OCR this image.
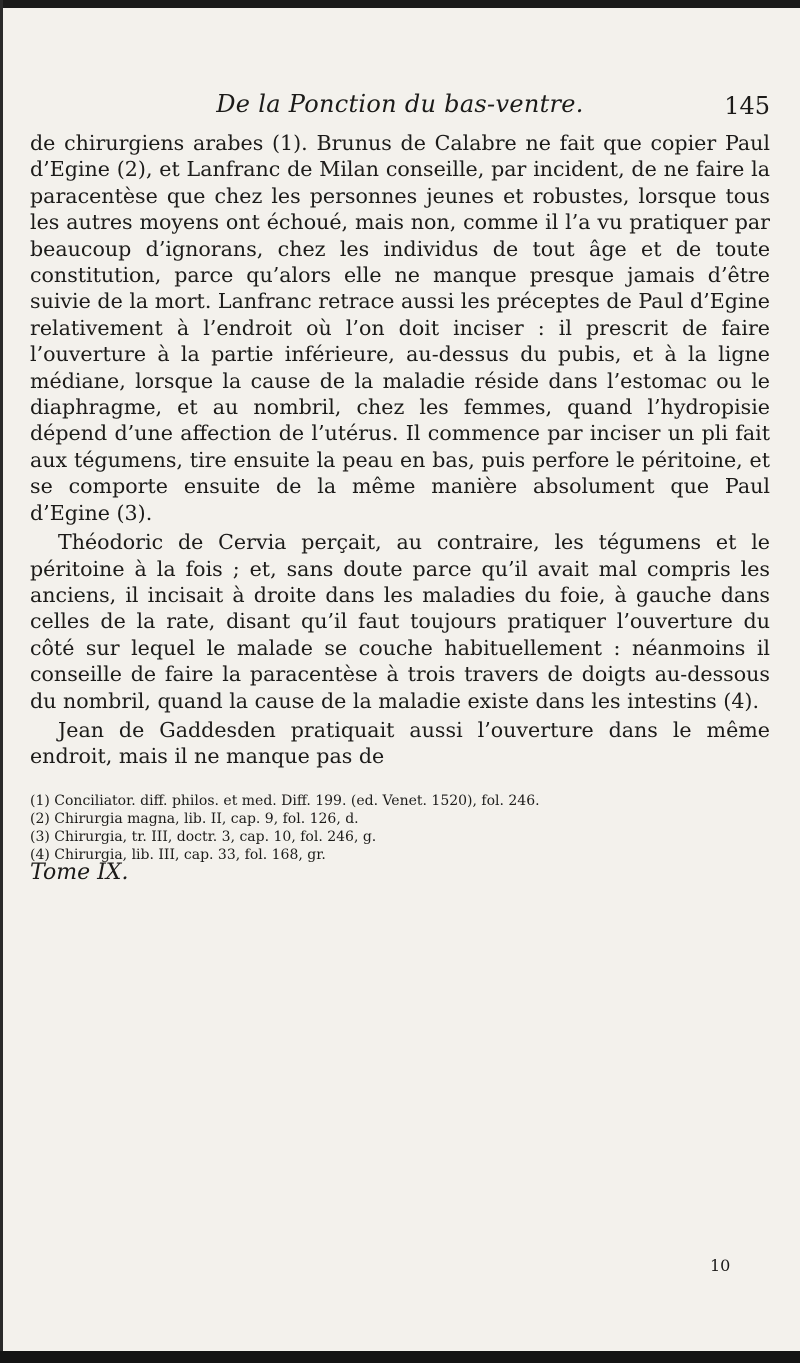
De la Ponction du bas-ventre.	145

de chirurgiens arabes (1). Brunus de Calabre ne fait que copier Paul d’Egine (2), et Lanfranc de Milan conseille, par incident, de ne faire la paracentèse que chez les personnes jeunes et robustes, lorsque tous les autres moyens ont échoué, mais non, comme il l’a vu pratiquer par beaucoup d’ignorans, chez les individus de tout âge et de toute constitution, parce qu’alors elle ne manque presque jamais d’être suivie de la mort. Lanfranc retrace aussi les préceptes de Paul d’Egine relativement à l’endroit où l’on doit inciser : il prescrit de faire l’ouverture à la partie inférieure, au-dessus du pubis, et à la ligne médiane, lorsque la cause de la maladie réside dans l’estomac ou le diaphragme, et au nombril, chez les femmes, quand l’hydropisie dépend d’une affection de l’utérus. Il commence par inciser un pli fait aux tégumens, tire ensuite la peau en bas, puis perfore le péritoine, et se comporte ensuite de la même manière absolument que Paul d’Egine (3).

Théodoric de Cervia perçait, au contraire, les tégumens et le péritoine à la fois ; et, sans doute parce qu’il avait mal compris les anciens, il incisait à droite dans les maladies du foie, à gauche dans celles de la rate, disant qu’il faut toujours pratiquer l’ouverture du côté sur lequel le malade se couche habituellement : néanmoins il conseille de faire la paracentèse à trois travers de doigts au-dessous du nombril, quand la cause de la maladie existe dans les intestins (4).

Jean de Gaddesden pratiquait aussi l’ouverture dans le même endroit, mais il ne manque pas de

(1) Conciliator. diff. philos. et med. Diff. 199. (ed. Venet. 1520), fol. 246.
(2) Chirurgia magna, lib. II, cap. 9, fol. 126, d.
(3) Chirurgia, tr. III, doctr. 3, cap. 10, fol. 246, g.
(4) Chirurgia, lib. III, cap. 33, fol. 168, gr.
Tome IX.
10
